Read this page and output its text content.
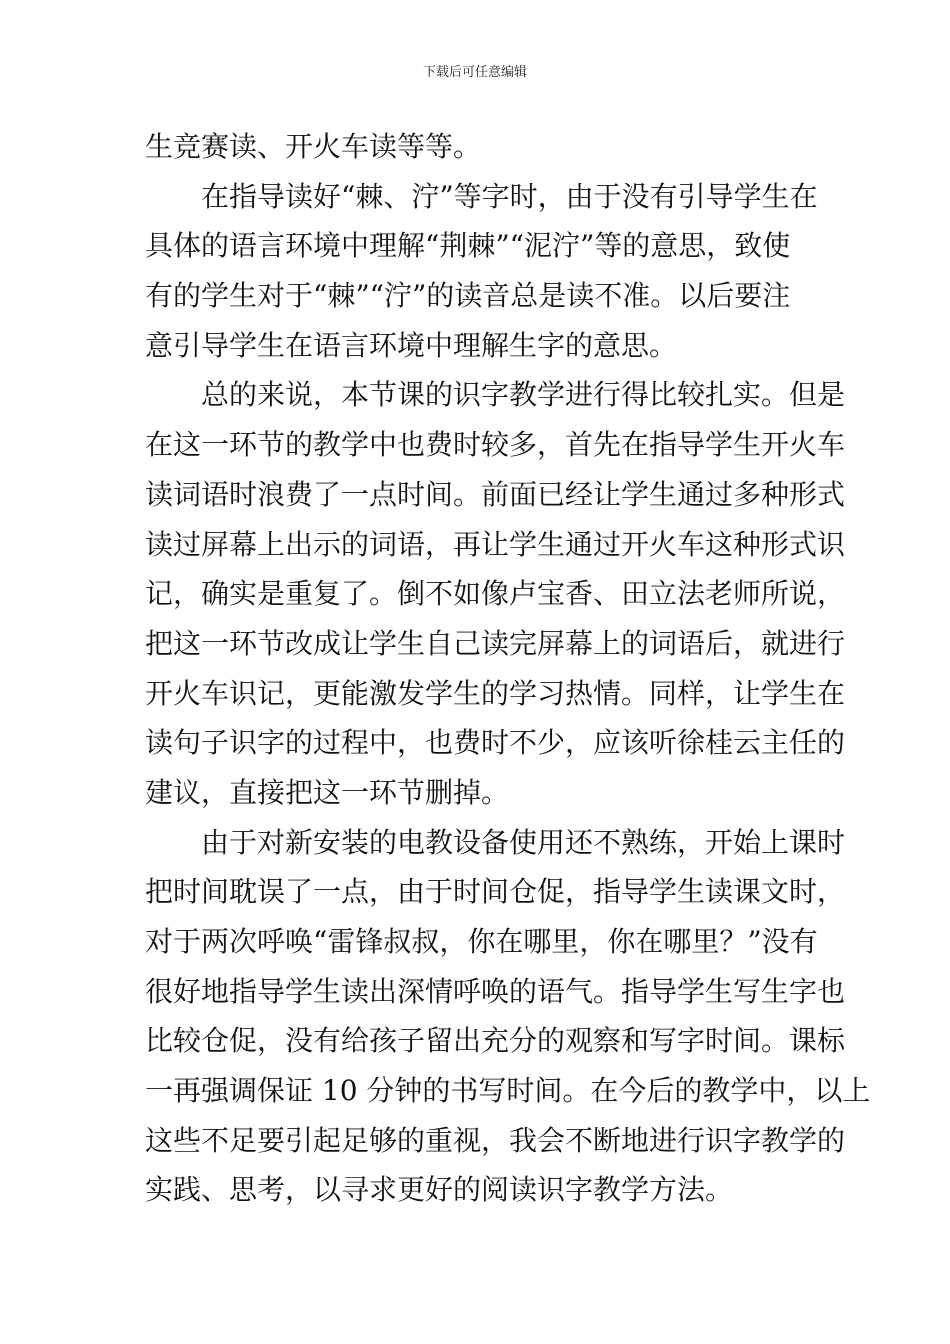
下载后可任意编辑
生竞赛读、开火车读等等。
　　在指导读好“棘、泞”等字时，由于没有引导学生在
具体的语言环境中理解“荆棘”“泥泞”等的意思，致使
有的学生对于“棘”“泞”的读音总是读不准。以后要注
意引导学生在语言环境中理解生字的意思。
　　总的来说，本节课的识字教学进行得比较扎实。但是
在这一环节的教学中也费时较多，首先在指导学生开火车
读词语时浪费了一点时间。前面已经让学生通过多种形式
读过屏幕上出示的词语，再让学生通过开火车这种形式识
记，确实是重复了。倒不如像卢宝香、田立法老师所说，
把这一环节改成让学生自己读完屏幕上的词语后，就进行
开火车识记，更能激发学生的学习热情。同样，让学生在
读句子识字的过程中，也费时不少，应该听徐桂云主任的
建议，直接把这一环节删掉。
　　由于对新安装的电教设备使用还不熟练，开始上课时
把时间耽误了一点，由于时间仓促，指导学生读课文时，
对于两次呼唤“雷锋叔叔，你在哪里，你在哪里？”没有
很好地指导学生读出深情呼唤的语气。指导学生写生字也
比较仓促，没有给孩子留出充分的观察和写字时间。课标
一再强调保证 10 分钟的书写时间。在今后的教学中，以上
这些不足要引起足够的重视，我会不断地进行识字教学的
实践、思考，以寻求更好的阅读识字教学方法。
